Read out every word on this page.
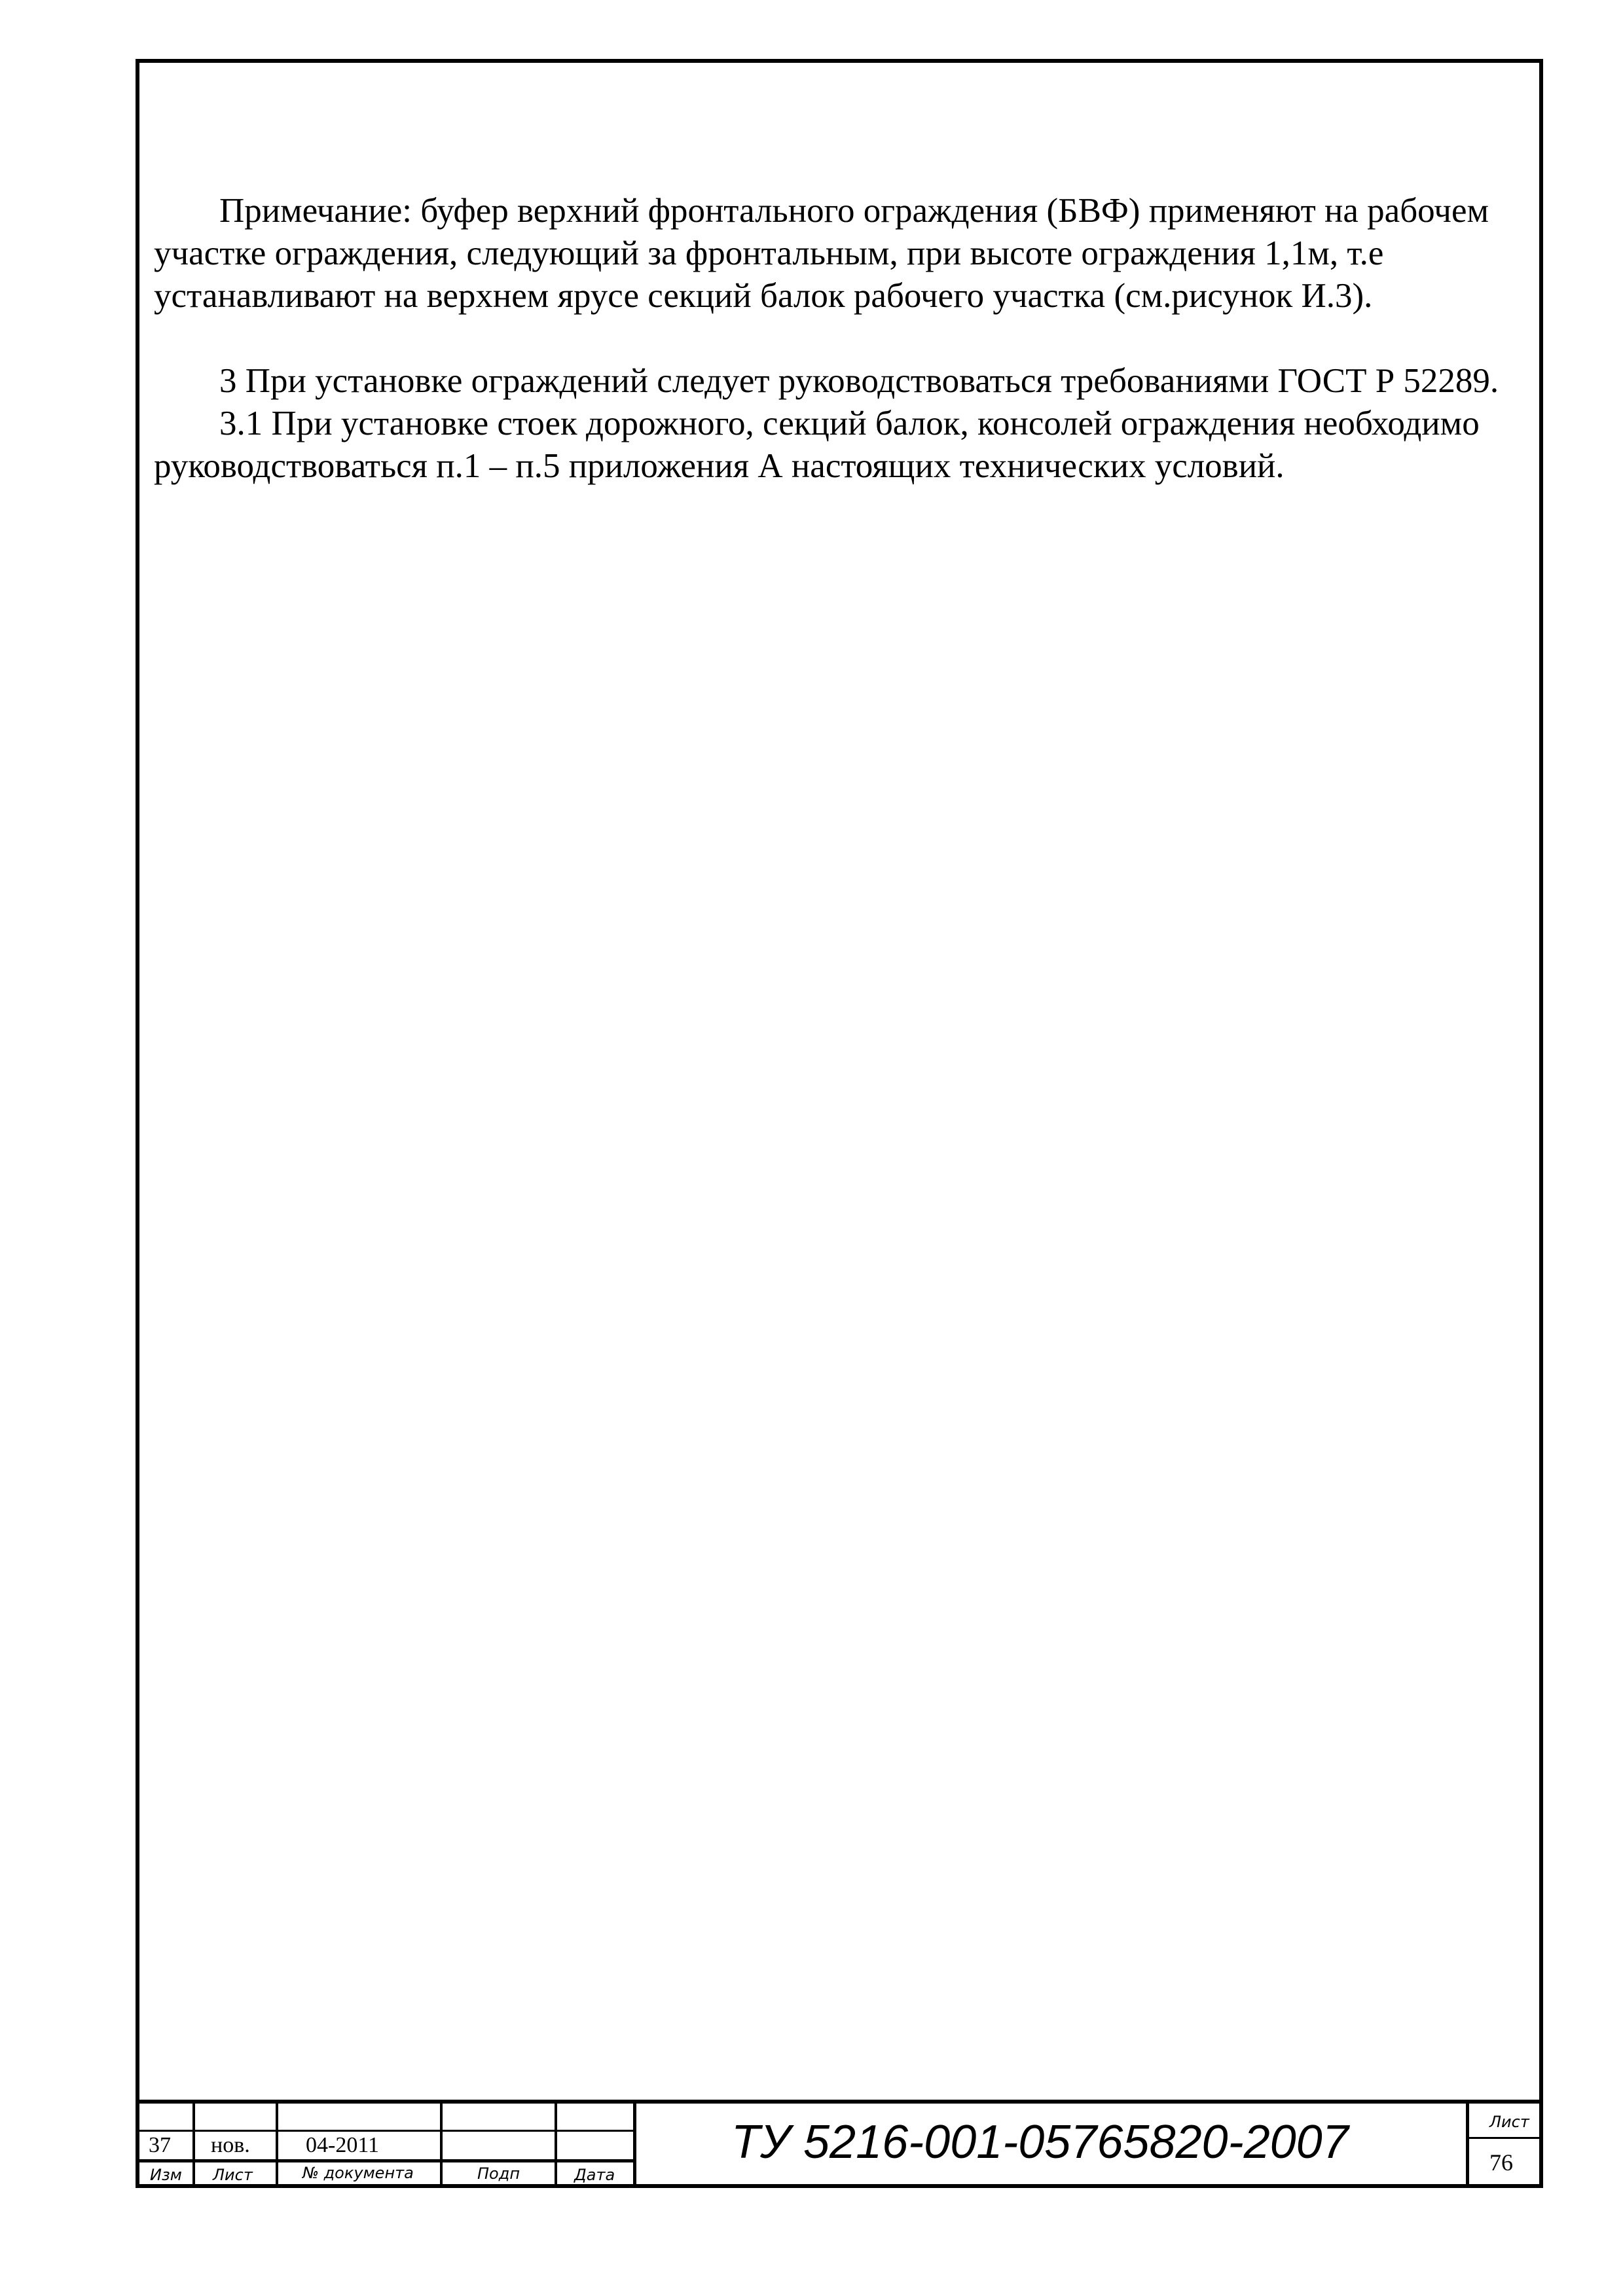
Примечание: буфер верхний фронтального ограждения (БВФ) применяют на рабочем участке ограждения, следующий за фронтальным, при высоте ограждения 1,1м, т.е устанавливают на верхнем ярусе секций балок рабочего участка (см.рисунок И.3).

3 При установке ограждений следует руководствоваться требованиями ГОСТ Р 52289.

3.1 При установке стоек дорожного, секций балок, консолей ограждения необходимо руководствоваться п.1 – п.5 приложения А настоящих технических условий.

37 нов.	04-2011
Изм Лист	№ документа	Подп	Дата
ТУ 5216-001-05765820-2007	Лист
76
